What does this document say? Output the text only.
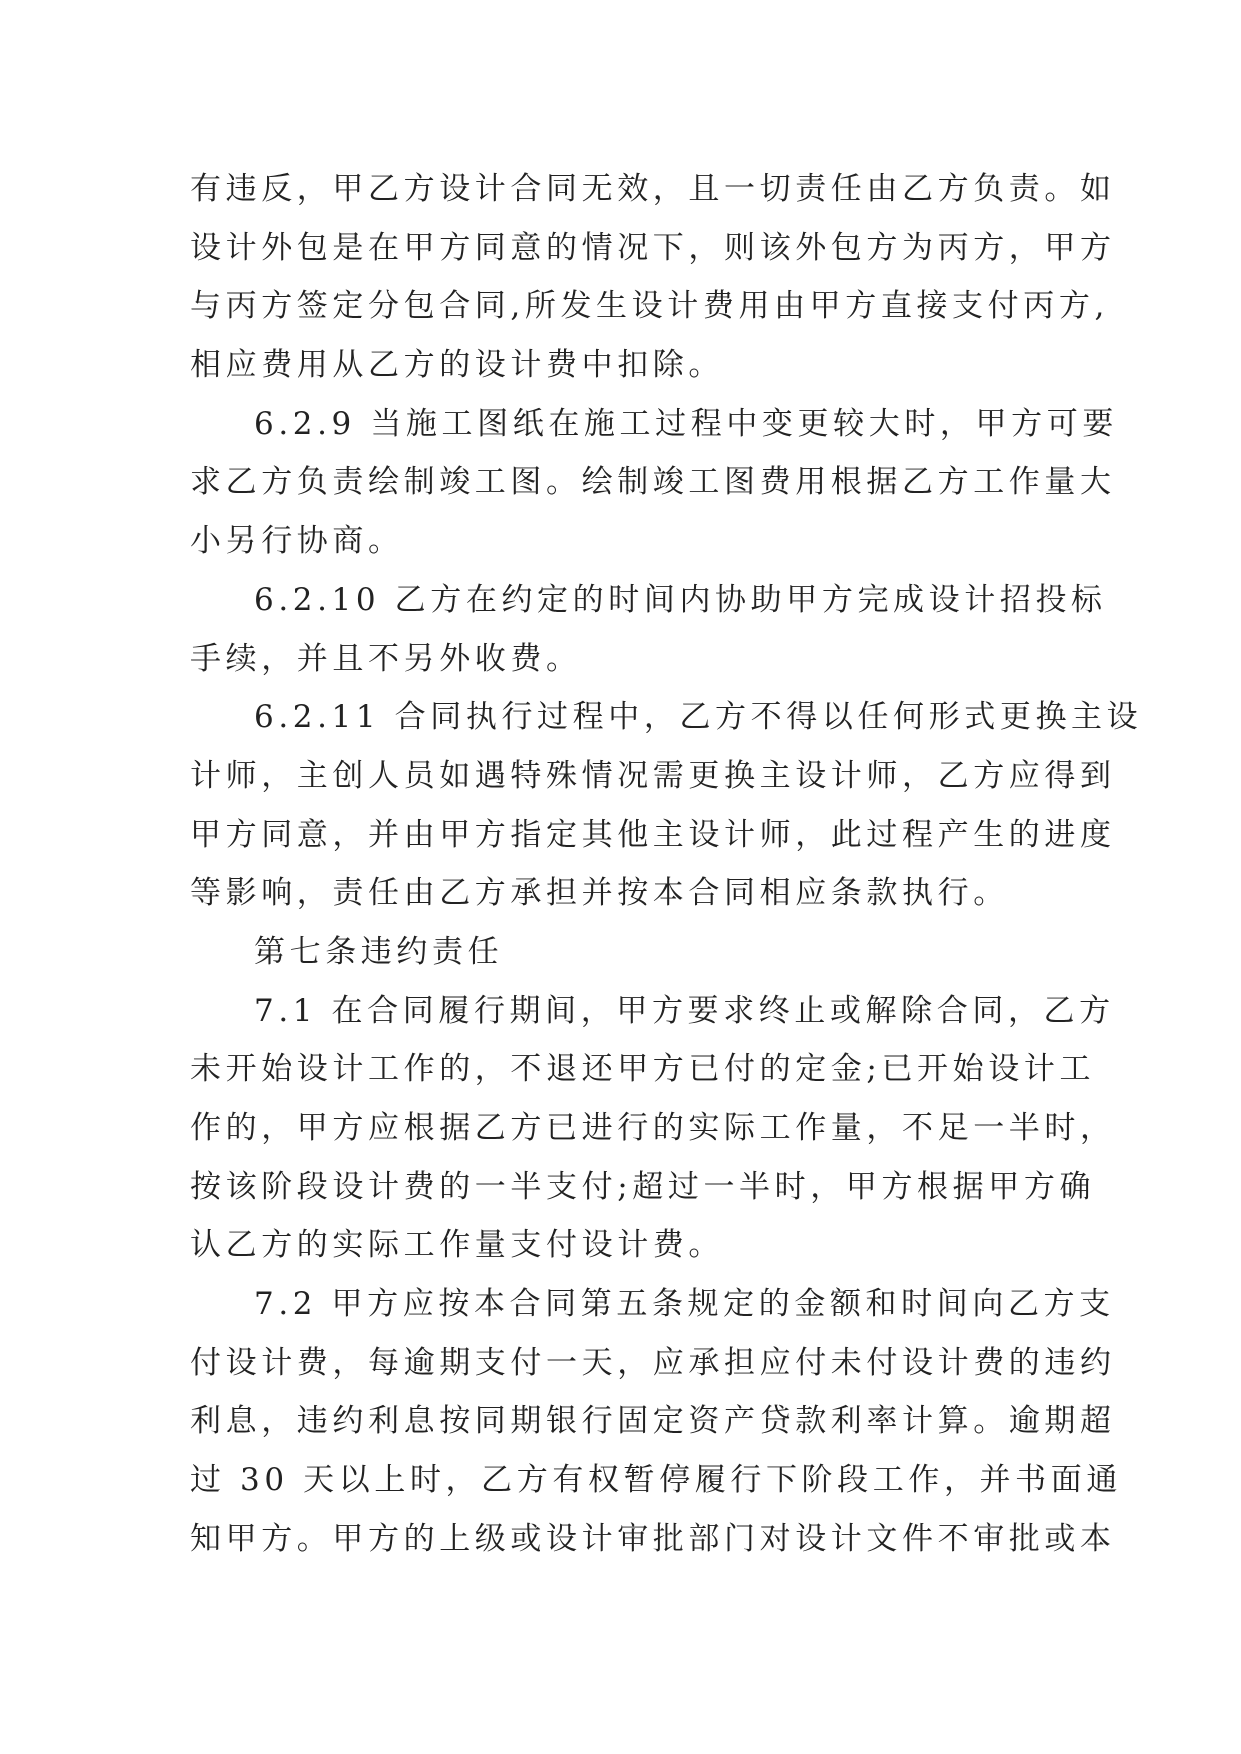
有违反，甲乙方设计合同无效，且一切责任由乙方负责。如
设计外包是在甲方同意的情况下，则该外包方为丙方，甲方
与丙方签定分包合同,所发生设计费用由甲方直接支付丙方,
相应费用从乙方的设计费中扣除。
6.2.9 当施工图纸在施工过程中变更较大时，甲方可要
求乙方负责绘制竣工图。绘制竣工图费用根据乙方工作量大
小另行协商。
6.2.10 乙方在约定的时间内协助甲方完成设计招投标
手续，并且不另外收费。
6.2.11 合同执行过程中，乙方不得以任何形式更换主设
计师，主创人员如遇特殊情况需更换主设计师，乙方应得到
甲方同意，并由甲方指定其他主设计师，此过程产生的进度
等影响，责任由乙方承担并按本合同相应条款执行。
第七条违约责任
7.1 在合同履行期间，甲方要求终止或解除合同，乙方
未开始设计工作的，不退还甲方已付的定金;已开始设计工
作的，甲方应根据乙方已进行的实际工作量，不足一半时，
按该阶段设计费的一半支付;超过一半时，甲方根据甲方确
认乙方的实际工作量支付设计费。
7.2 甲方应按本合同第五条规定的金额和时间向乙方支
付设计费，每逾期支付一天，应承担应付未付设计费的违约
利息，违约利息按同期银行固定资产贷款利率计算。逾期超
过 30 天以上时，乙方有权暂停履行下阶段工作，并书面通
知甲方。甲方的上级或设计审批部门对设计文件不审批或本
